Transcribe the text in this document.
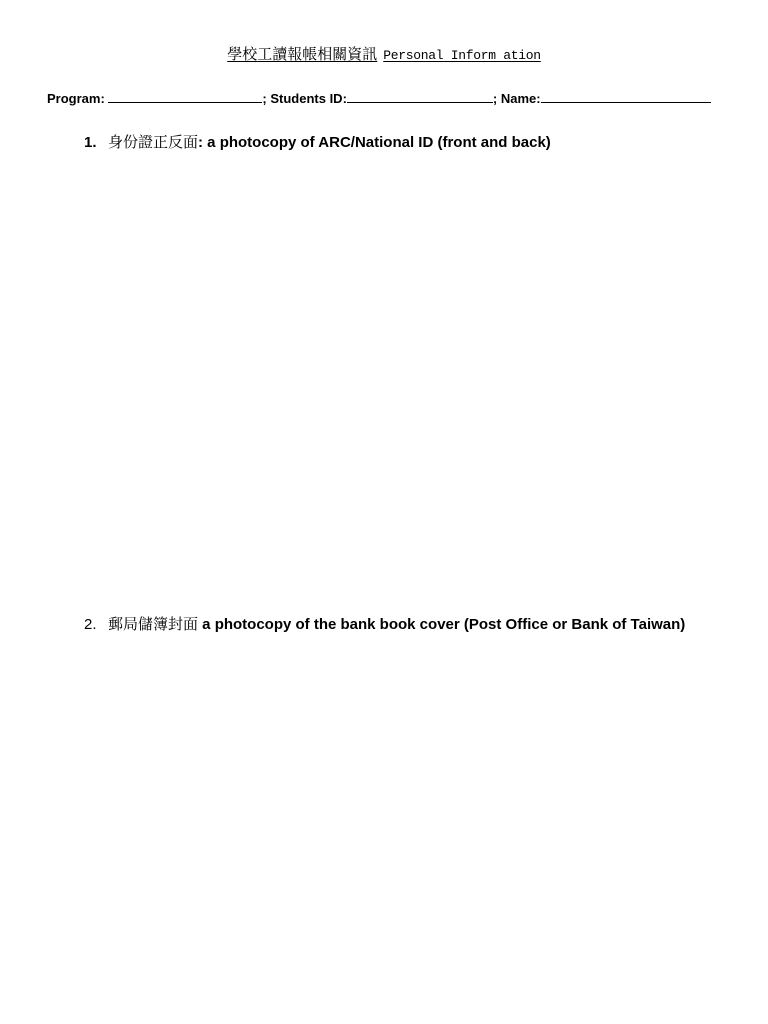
學校工讀報帳相關資訊 Personal Inform ation
Program:	; Students ID:	; Name:
1. 身份證正反面: a photocopy of ARC/National ID (front and back)
2. 郵局儲簿封面 a photocopy of the bank book cover (Post Office or Bank of Taiwan)
